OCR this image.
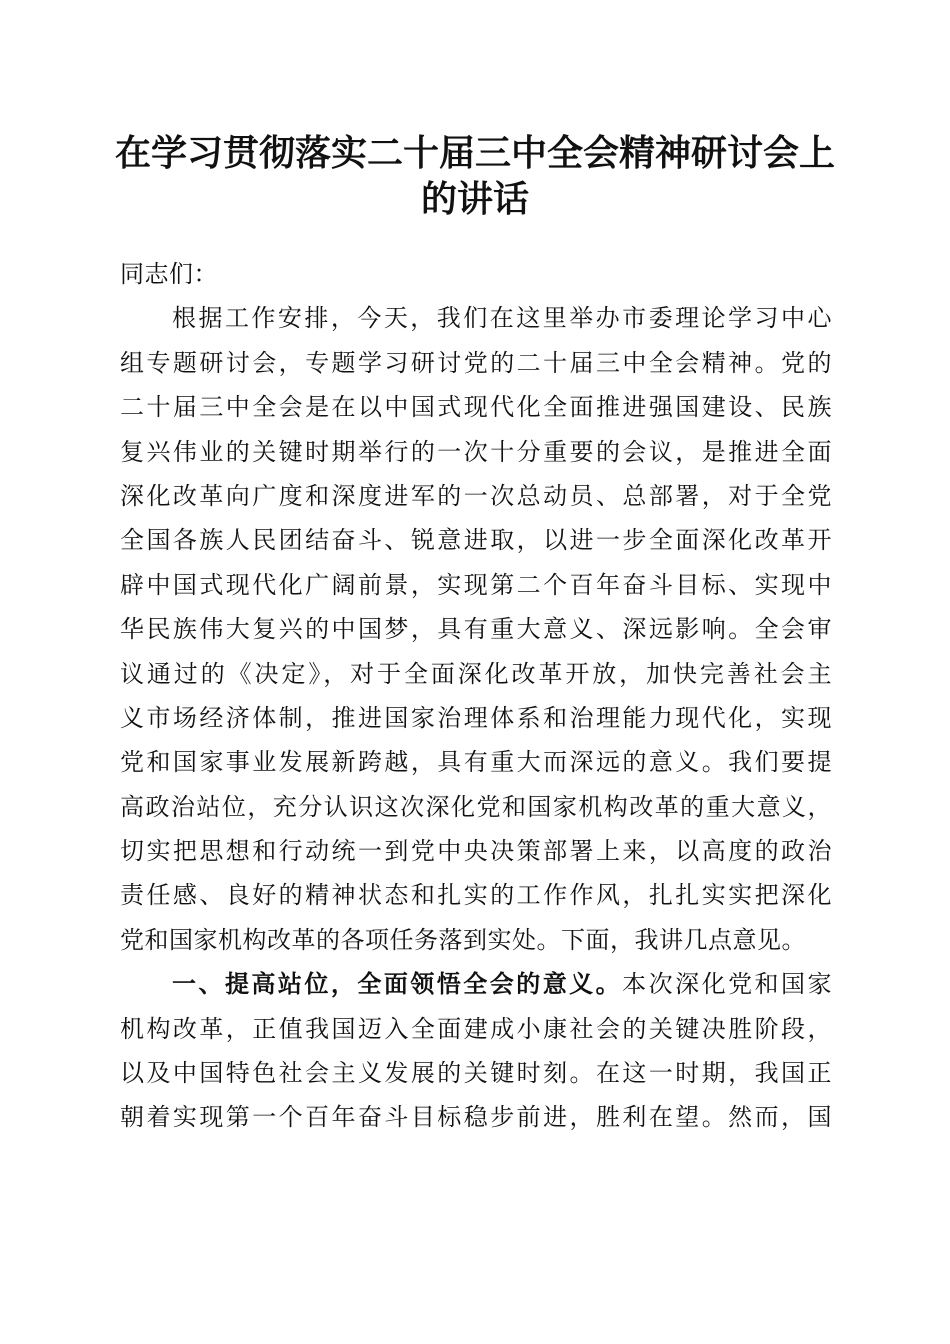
在学习贯彻落实二十届三中全会精神研讨会上
的讲话
同志们：
根据工作安排，今天，我们在这里举办市委理论学习中心
组专题研讨会，专题学习研讨党的二十届三中全会精神。党的
二十届三中全会是在以中国式现代化全面推进强国建设、民族
复兴伟业的关键时期举行的一次十分重要的会议，是推进全面
深化改革向广度和深度进军的一次总动员、总部署，对于全党
全国各族人民团结奋斗、锐意进取，以进一步全面深化改革开
辟中国式现代化广阔前景，实现第二个百年奋斗目标、实现中
华民族伟大复兴的中国梦，具有重大意义、深远影响。全会审
议通过的《决定》，对于全面深化改革开放，加快完善社会主
义市场经济体制，推进国家治理体系和治理能力现代化，实现
党和国家事业发展新跨越，具有重大而深远的意义。我们要提
高政治站位，充分认识这次深化党和国家机构改革的重大意义，
切实把思想和行动统一到党中央决策部署上来，以高度的政治
责任感、良好的精神状态和扎实的工作作风，扎扎实实把深化
党和国家机构改革的各项任务落到实处。下面，我讲几点意见。
一、提高站位，全面领悟全会的意义。本次深化党和国家
机构改革，正值我国迈入全面建成小康社会的关键决胜阶段，
以及中国特色社会主义发展的关键时刻。在这一时期，我国正
朝着实现第一个百年奋斗目标稳步前进，胜利在望。然而，国
